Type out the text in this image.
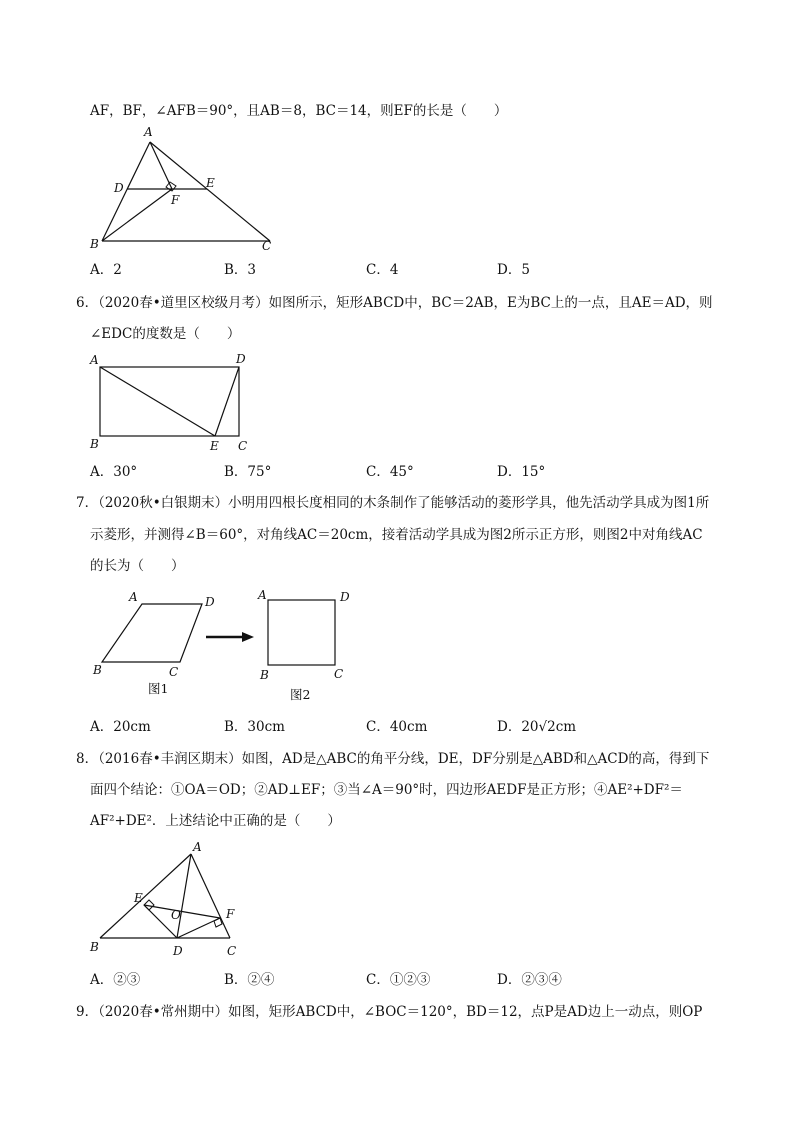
AF，BF，∠AFB＝90°，且AB＝8，BC＝14，则EF的长是（　　）
A
D	E
F
B	C
A．2	B．3	C．4	D．5
6．（2020春•道里区校级月考）如图所示，矩形ABCD中，BC＝2AB，E为BC上的一点，且AE＝AD，则
∠EDC的度数是（　　）
A	D
B	E C
A．30°	B．75°	C．45°	D．15°
7．（2020秋•白银期末）小明用四根长度相同的木条制作了能够活动的菱形学具，他先活动学具成为图1所
示菱形，并测得∠B＝60°，对角线AC＝20cm，接着活动学具成为图2所示正方形，则图2中对角线AC
的长为（　　）
A	D
B	C
图1
A	D
B	C
图2
A．20cm	B．30cm	C．40cm	D．20√2cm
8．（2016春•丰润区期末）如图，AD是△ABC的角平分线，DE，DF分别是△ABD和△ACD的高，得到下
面四个结论：①OA＝OD；②AD⊥EF；③当∠A＝90°时，四边形AEDF是正方形；④AE²+DF²＝
AF²+DE²．上述结论中正确的是（　　）
A
E
F
O
B	D	C
A．②③	B．②④	C．①②③	D．②③④
9．（2020春•常州期中）如图，矩形ABCD中，∠BOC＝120°，BD＝12，点P是AD边上一动点，则OP
